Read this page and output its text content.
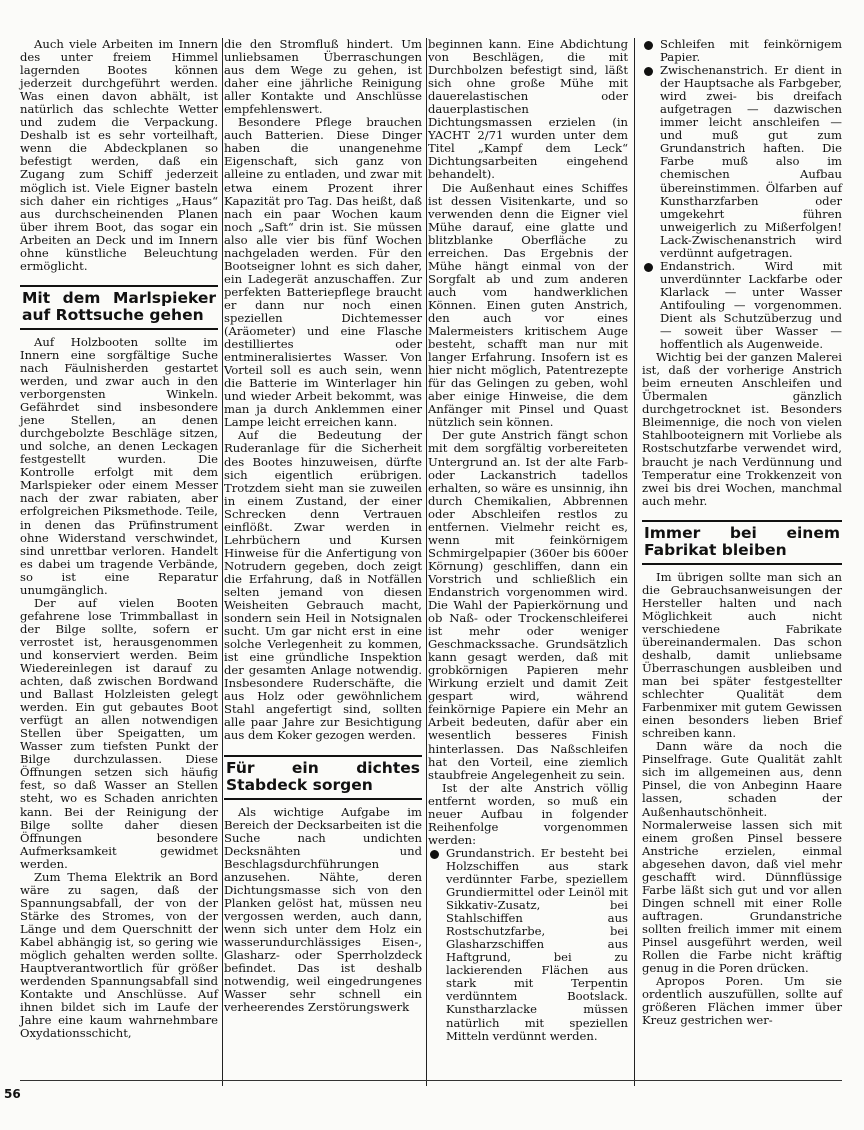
Auch viele Arbeiten im Innern des unter freiem Himmel lagernden Bootes können jederzeit durchgeführt werden. Was einen davon abhält, ist natürlich das schlechte Wetter und zudem die Verpackung. Deshalb ist es sehr vorteilhaft, wenn die Abdeckplanen so befestigt werden, daß ein Zugang zum Schiff jederzeit möglich ist. Viele Eigner basteln sich daher ein richtiges „Haus“ aus durchscheinenden Planen über ihrem Boot, das sogar ein Arbeiten an Deck und im Innern ohne künstliche Beleuchtung ermöglicht.

Mit dem Marlspieker auf Rottsuche gehen

Auf Holzbooten sollte im Innern eine sorgfältige Suche nach Fäulnisherden gestartet werden, und zwar auch in den verborgensten Winkeln. Gefährdet sind insbesondere jene Stellen, an denen durchgebolzte Beschläge sitzen, und solche, an denen Leckagen festgestellt wurden. Die Kontrolle erfolgt mit dem Marlspieker oder einem Messer nach der zwar rabiaten, aber erfolgreichen Piksmethode. Teile, in denen das Prüfinstrument ohne Widerstand verschwindet, sind unrettbar verloren. Handelt es dabei um tragende Verbände, so ist eine Reparatur unumgänglich.

Der auf vielen Booten gefahrene lose Trimmballast in der Bilge sollte, sofern er verrostet ist, herausgenommen und konserviert werden. Beim Wiedereinlegen ist darauf zu achten, daß zwischen Bordwand und Ballast Holzleisten gelegt werden. Ein gut gebautes Boot verfügt an allen notwendigen Stellen über Speigatten, um Wasser zum tiefsten Punkt der Bilge durchzulassen. Diese Öffnungen setzen sich häufig fest, so daß Wasser an Stellen steht, wo es Schaden anrichten kann. Bei der Reinigung der Bilge sollte daher diesen Öffnungen besondere Aufmerksamkeit gewidmet werden.

Zum Thema Elektrik an Bord wäre zu sagen, daß der Spannungsabfall, der von der Stärke des Stromes, von der Länge und dem Querschnitt der Kabel abhängig ist, so gering wie möglich gehalten werden sollte. Hauptverantwortlich für größer werdenden Spannungsabfall sind Kontakte und Anschlüsse. Auf ihnen bildet sich im Laufe der Jahre eine kaum wahrnehmbare Oxydationsschicht,

die den Stromfluß hindert. Um unliebsamen Überraschungen aus dem Wege zu gehen, ist daher eine jährliche Reinigung aller Kontakte und Anschlüsse empfehlenswert.

Besondere Pflege brauchen auch Batterien. Diese Dinger haben die unangenehme Eigenschaft, sich ganz von alleine zu entladen, und zwar mit etwa einem Prozent ihrer Kapazität pro Tag. Das heißt, daß nach ein paar Wochen kaum noch „Saft“ drin ist. Sie müssen also alle vier bis fünf Wochen nachgeladen werden. Für den Bootseigner lohnt es sich daher, ein Ladegerät anzuschaffen. Zur perfekten Batteriepflege braucht er dann nur noch einen speziellen Dichtemesser (Aräometer) und eine Flasche destilliertes oder entmineralisiertes Wasser. Von Vorteil soll es auch sein, wenn die Batterie im Winterlager hin und wieder Arbeit bekommt, was man ja durch Anklemmen einer Lampe leicht erreichen kann.

Auf die Bedeutung der Ruderanlage für die Sicherheit des Bootes hinzuweisen, dürfte sich eigentlich erübrigen. Trotzdem sieht man sie zuweilen in einem Zustand, der einer Schrecken denn Vertrauen einflößt. Zwar werden in Lehrbüchern und Kursen Hinweise für die Anfertigung von Notrudern gegeben, doch zeigt die Erfahrung, daß in Notfällen selten jemand von diesen Weisheiten Gebrauch macht, sondern sein Heil in Notsignalen sucht. Um gar nicht erst in eine solche Verlegenheit zu kommen, ist eine gründliche Inspektion der gesamten Anlage notwendig. Insbesondere Ruderschäfte, die aus Holz oder gewöhnlichem Stahl angefertigt sind, sollten alle paar Jahre zur Besichtigung aus dem Koker gezogen werden.

Für ein dichtes Stabdeck sorgen

Als wichtige Aufgabe im Bereich der Decksarbeiten ist die Suche nach undichten Decksnähten und Beschlagsdurchführungen anzusehen. Nähte, deren Dichtungsmasse sich von den Planken gelöst hat, müssen neu vergossen werden, auch dann, wenn sich unter dem Holz ein wasserundurchlässiges Eisen-, Glasharz- oder Sperrholzdeck befindet. Das ist deshalb notwendig, weil eingedrungenes Wasser sehr schnell ein verheerendes Zerstörungswerk

beginnen kann. Eine Abdichtung von Beschlägen, die mit Durchbolzen befestigt sind, läßt sich ohne große Mühe mit dauerelastischen oder dauerplastischen Dichtungsmassen erzielen (in YACHT 2/71 wurden unter dem Titel „Kampf dem Leck“ Dichtungsarbeiten eingehend behandelt).

Die Außenhaut eines Schiffes ist dessen Visitenkarte, und so verwenden denn die Eigner viel Mühe darauf, eine glatte und blitzblanke Oberfläche zu erreichen. Das Ergebnis der Mühe hängt einmal von der Sorgfalt ab und zum anderen auch vom handwerklichen Können. Einen guten Anstrich, den auch vor eines Malermeisters kritischem Auge besteht, schafft man nur mit langer Erfahrung. Insofern ist es hier nicht möglich, Patentrezepte für das Gelingen zu geben, wohl aber einige Hinweise, die dem Anfänger mit Pinsel und Quast nützlich sein können.

Der gute Anstrich fängt schon mit dem sorgfältig vorbereiteten Untergrund an. Ist der alte Farb- oder Lackanstrich tadellos erhalten, so wäre es unsinnig, ihn durch Chemikalien, Abbrennen oder Abschleifen restlos zu entfernen. Vielmehr reicht es, wenn mit feinkörnigem Schmirgelpapier (360er bis 600er Körnung) geschliffen, dann ein Vorstrich und schließlich ein Endanstrich vorgenommen wird. Die Wahl der Papierkörnung und ob Naß- oder Trockenschleiferei ist mehr oder weniger Geschmackssache. Grundsätzlich kann gesagt werden, daß mit grobkörnigen Papieren mehr Wirkung erzielt und damit Zeit gespart wird, während feinkörnige Papiere ein Mehr an Arbeit bedeuten, dafür aber ein wesentlich besseres Finish hinterlassen. Das Naßschleifen hat den Vorteil, eine ziemlich staubfreie Angelegenheit zu sein.

Ist der alte Anstrich völlig entfernt worden, so muß ein neuer Aufbau in folgender Reihenfolge vorgenommen werden:

Grundanstrich. Er besteht bei Holzschiffen aus stark verdünnter Farbe, speziellem Grundiermittel oder Leinöl mit Sikkativ-Zusatz, bei Stahlschiffen aus Rostschutzfarbe, bei Glasharzschiffen aus Haftgrund, bei zu lackierenden Flächen aus stark mit Terpentin verdünntem Bootslack. Kunstharzlacke müssen natürlich mit speziellen Mitteln verdünnt werden.

Schleifen mit feinkörnigem Papier.

Zwischenanstrich. Er dient in der Hauptsache als Farbgeber, wird zwei- bis dreifach aufgetragen — dazwischen immer leicht anschleifen — und muß gut zum Grundanstrich haften. Die Farbe muß also im chemischen Aufbau übereinstimmen. Ölfarben auf Kunstharzfarben oder umgekehrt führen unweigerlich zu Mißerfolgen! Lack-Zwischenanstrich wird verdünnt aufgetragen.

Endanstrich. Wird mit unverdünnter Lackfarbe oder Klarlack — unter Wasser Antifouling — vorgenommen. Dient als Schutzüberzug und — soweit über Wasser — hoffentlich als Augenweide.

Wichtig bei der ganzen Malerei ist, daß der vorherige Anstrich beim erneuten Anschleifen und Übermalen gänzlich durchgetrocknet ist. Besonders Bleimennige, die noch von vielen Stahlbooteignern mit Vorliebe als Rostschutzfarbe verwendet wird, braucht je nach Verdünnung und Temperatur eine Trokkenzeit von zwei bis drei Wochen, manchmal auch mehr.

Immer bei einem Fabrikat bleiben

Im übrigen sollte man sich an die Gebrauchsanweisungen der Hersteller halten und nach Möglichkeit auch nicht verschiedene Fabrikate übereinandermalen. Das schon deshalb, damit unliebsame Überraschungen ausbleiben und man bei später festgestellter schlechter Qualität dem Farbenmixer mit gutem Gewissen einen besonders lieben Brief schreiben kann.

Dann wäre da noch die Pinselfrage. Gute Qualität zahlt sich im allgemeinen aus, denn Pinsel, die von Anbeginn Haare lassen, schaden der Außenhautschönheit. Normalerweise lassen sich mit einem großen Pinsel bessere Anstriche erzielen, einmal abgesehen davon, daß viel mehr geschafft wird. Dünnflüssige Farbe läßt sich gut und vor allen Dingen schnell mit einer Rolle auftragen. Grundanstriche sollten freilich immer mit einem Pinsel ausgeführt werden, weil Rollen die Farbe nicht kräftig genug in die Poren drücken.

Apropos Poren. Um sie ordentlich auszufüllen, sollte auf größeren Flächen immer über Kreuz gestrichen wer-

56
